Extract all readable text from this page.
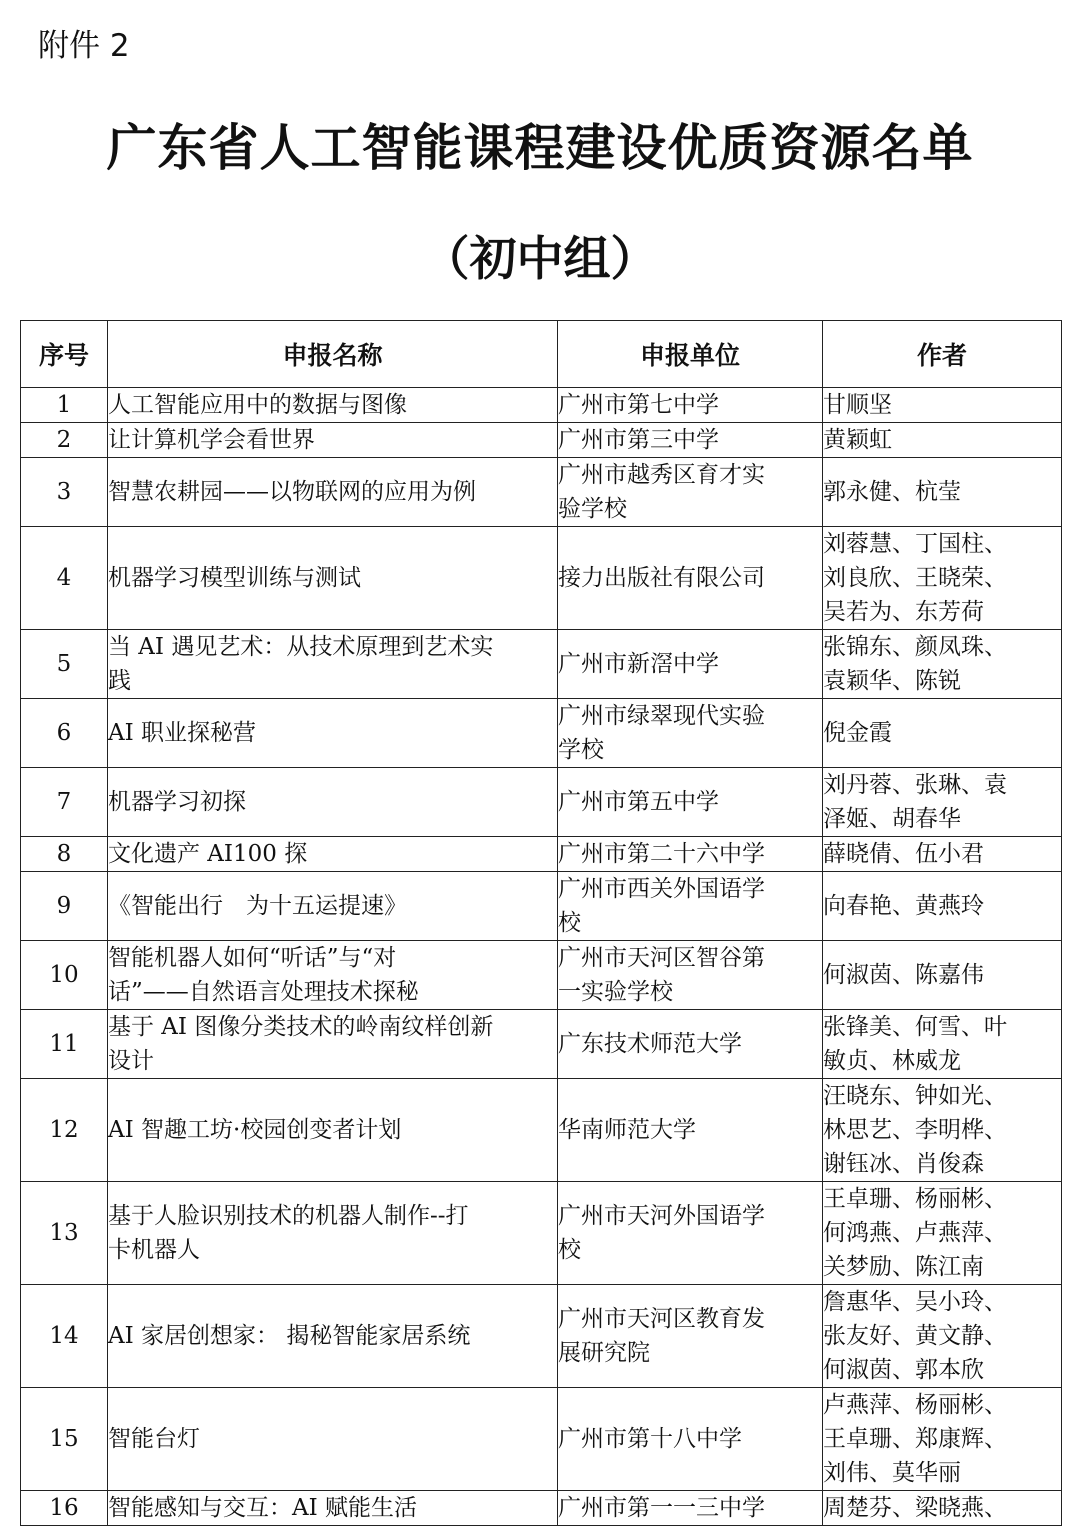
附件 2
广东省人工智能课程建设优质资源名单
（初中组）
序号	申报名称	申报单位	作者

1	人工智能应用中的数据与图像	广州市第七中学	甘顺坚

2	让计算机学会看世界	广州市第三中学	黄颖虹

3	智慧农耕园——以物联网的应用为例	广州市越秀区育才实
验学校	郭永健、杭莹

4	机器学习模型训练与测试	接力出版社有限公司	刘蓉慧、丁国柱、
刘良欣、王晓荣、
吴若为、东芳荷

5	当 AI 遇见艺术：从技术原理到艺术实
践	广州市新滘中学	张锦东、颜凤珠、
袁颖华、陈锐

6	AI 职业探秘营	广州市绿翠现代实验
学校	倪金霞

7	机器学习初探	广州市第五中学	刘丹蓉、张琳、袁
泽姬、胡春华

8	文化遗产 AI100 探	广州市第二十六中学	薛晓倩、伍小君

9	《智能出行　为十五运提速》	广州市西关外国语学
校	向春艳、黄燕玲

10	智能机器人如何“听话”与“对
话”——自然语言处理技术探秘	广州市天河区智谷第
一实验学校	何淑茵、陈嘉伟

11	基于 AI 图像分类技术的岭南纹样创新
设计	广东技术师范大学	张锋美、何雪、叶
敏贞、林威龙

12	AI 智趣工坊·校园创变者计划	华南师范大学	汪晓东、钟如光、
林思艺、李明桦、
谢钰冰、肖俊森

13	基于人脸识别技术的机器人制作--打
卡机器人	广州市天河外国语学
校	王卓珊、杨丽彬、
何鸿燕、卢燕萍、
关梦励、陈江南

14	AI 家居创想家： 揭秘智能家居系统	广州市天河区教育发
展研究院	詹惠华、吴小玲、
张友好、黄文静、
何淑茵、郭本欣

15	智能台灯	广州市第十八中学	卢燕萍、杨丽彬、
王卓珊、郑康辉、
刘伟、莫华丽

16	智能感知与交互：AI 赋能生活	广州市第一一三中学	周楚芬、梁晓燕、
